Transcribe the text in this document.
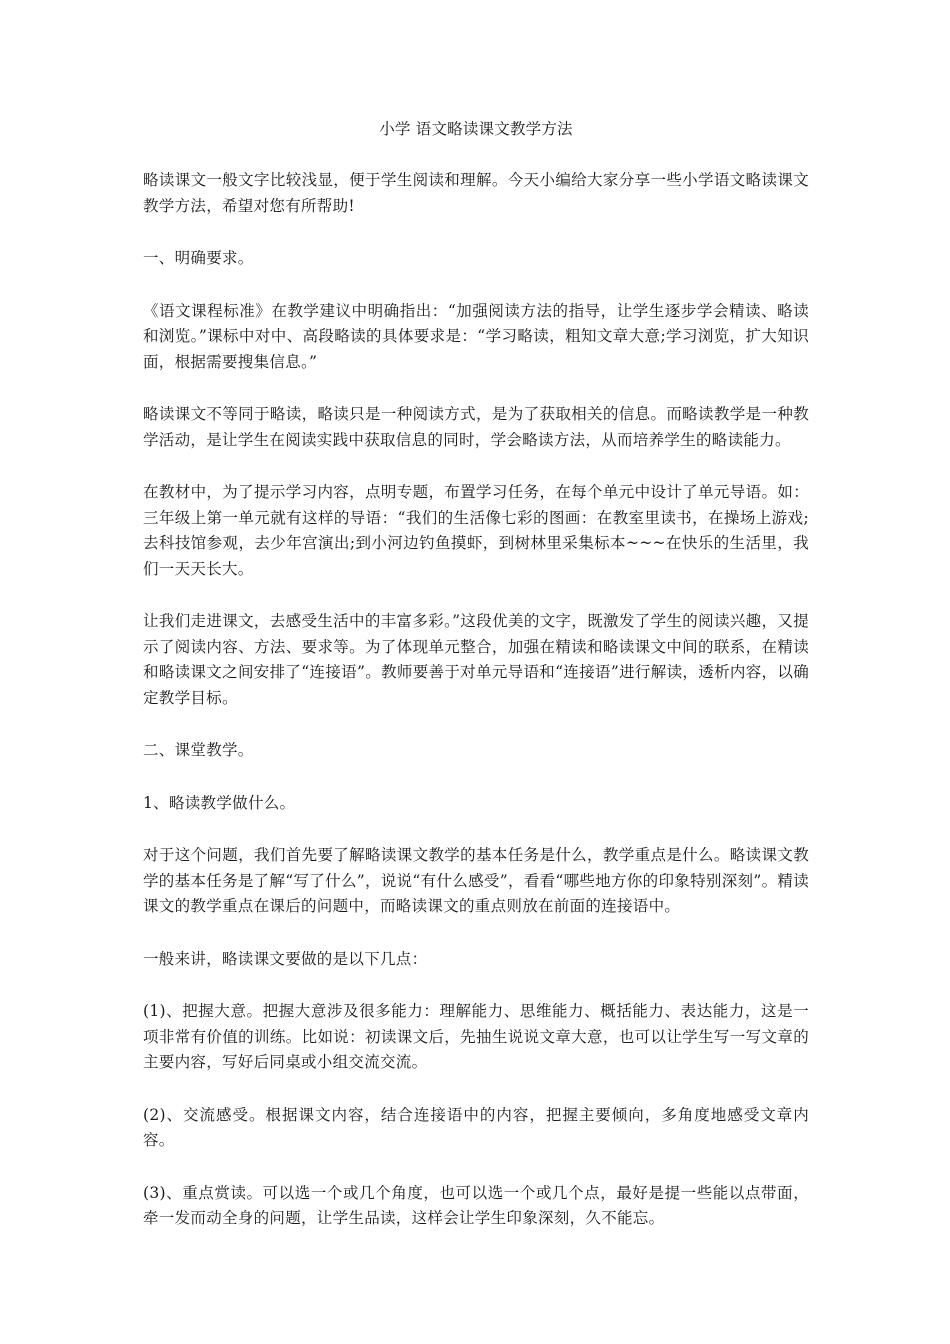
小学 语文略读课文教学方法

略读课文一般文字比较浅显，便于学生阅读和理解。今天小编给大家分享一些小学语文略读课文教学方法，希望对您有所帮助!

一、明确要求。

《语文课程标准》在教学建议中明确指出：“加强阅读方法的指导，让学生逐步学会精读、略读和浏览。”课标中对中、高段略读的具体要求是：“学习略读，粗知文章大意;学习浏览，扩大知识面，根据需要搜集信息。”

略读课文不等同于略读，略读只是一种阅读方式，是为了获取相关的信息。而略读教学是一种教学活动，是让学生在阅读实践中获取信息的同时，学会略读方法，从而培养学生的略读能力。

在教材中，为了提示学习内容，点明专题，布置学习任务，在每个单元中设计了单元导语。如：三年级上第一单元就有这样的导语：“我们的生活像七彩的图画：在教室里读书，在操场上游戏;去科技馆参观，去少年宫演出;到小河边钓鱼摸虾，到树林里采集标本~~~在快乐的生活里，我们一天天长大。

让我们走进课文，去感受生活中的丰富多彩。”这段优美的文字，既激发了学生的阅读兴趣，又提示了阅读内容、方法、要求等。为了体现单元整合，加强在精读和略读课文中间的联系，在精读和略读课文之间安排了“连接语”。教师要善于对单元导语和“连接语”进行解读，透析内容，以确定教学目标。

二、课堂教学。

1、略读教学做什么。

对于这个问题，我们首先要了解略读课文教学的基本任务是什么，教学重点是什么。略读课文教学的基本任务是了解“写了什么”，说说“有什么感受”，看看“哪些地方你的印象特别深刻”。精读课文的教学重点在课后的问题中，而略读课文的重点则放在前面的连接语中。

一般来讲，略读课文要做的是以下几点：

(1)、把握大意。把握大意涉及很多能力：理解能力、思维能力、概括能力、表达能力，这是一项非常有价值的训练。比如说：初读课文后，先抽生说说文章大意，也可以让学生写一写文章的主要内容，写好后同桌或小组交流交流。

(2)、交流感受。根据课文内容，结合连接语中的内容，把握主要倾向，多角度地感受文章内容。

(3)、重点赏读。可以选一个或几个角度，也可以选一个或几个点，最好是提一些能以点带面，牵一发而动全身的问题，让学生品读，这样会让学生印象深刻，久不能忘。
